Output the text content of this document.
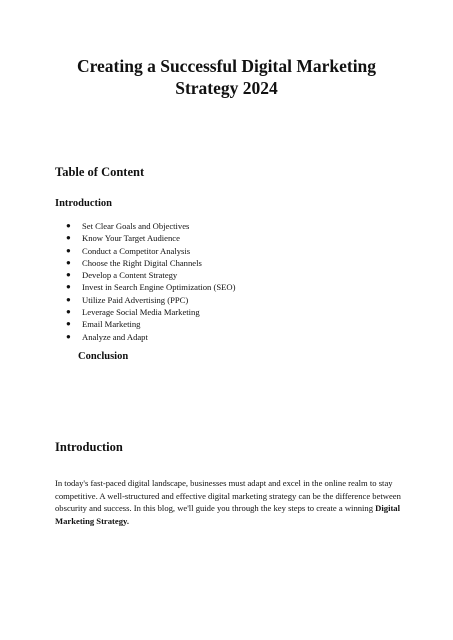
Creating a Successful Digital Marketing
Strategy 2024
Table of Content
Introduction
● Set Clear Goals and Objectives
● Know Your Target Audience
● Conduct a Competitor Analysis
● Choose the Right Digital Channels
● Develop a Content Strategy
● Invest in Search Engine Optimization (SEO)
● Utilize Paid Advertising (PPC)
● Leverage Social Media Marketing
● Email Marketing
● Analyze and Adapt
Conclusion
Introduction

In today's fast-paced digital landscape, businesses must adapt and excel in the online realm to stay competitive. A well-structured and effective digital marketing strategy can be the difference between obscurity and success. In this blog, we'll guide you through the key steps to create a winning Digital Marketing Strategy.
